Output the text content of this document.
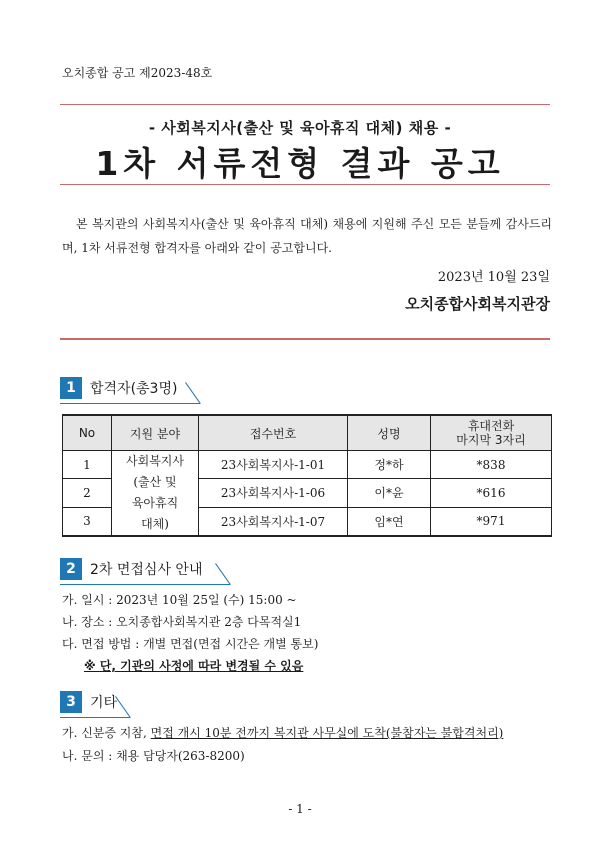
오치종합 공고 제2023-48호
- 사회복지사(출산 및 육아휴직 대체) 채용 -
1차 서류전형 결과 공고
본 복지관의 사회복지사(출산 및 육아휴직 대체) 채용에 지원해 주신 모든 분들께 감사드리며, 1차 서류전형 합격자를 아래와 같이 공고합니다.
2023년 10월 23일
오치종합사회복지관장
1	합격자(총3명)
No	지원 분야	접수번호	성명	휴대전화
마지막 3자리

1	사회복지사
(출산 및
육아휴직
대체)	23사회복지사-1-01	정*하	*838
2		23사회복지사-1-06	이*윤	*616
3		23사회복지사-1-07	임*연	*971
2	2차 면접심사 안내
가. 일시 : 2023년 10월 25일 (수) 15:00 ~
나. 장소 : 오치종합사회복지관 2층 다목적실1
다. 면접 방법 : 개별 면접(면접 시간은 개별 통보)
※ 단, 기관의 사정에 따라 변경될 수 있음
3	기타
가. 신분증 지참, 면접 개시 10분 전까지 복지관 사무실에 도착(불참자는 불합격처리)
나. 문의 : 채용 담당자(263-8200)
- 1 -
